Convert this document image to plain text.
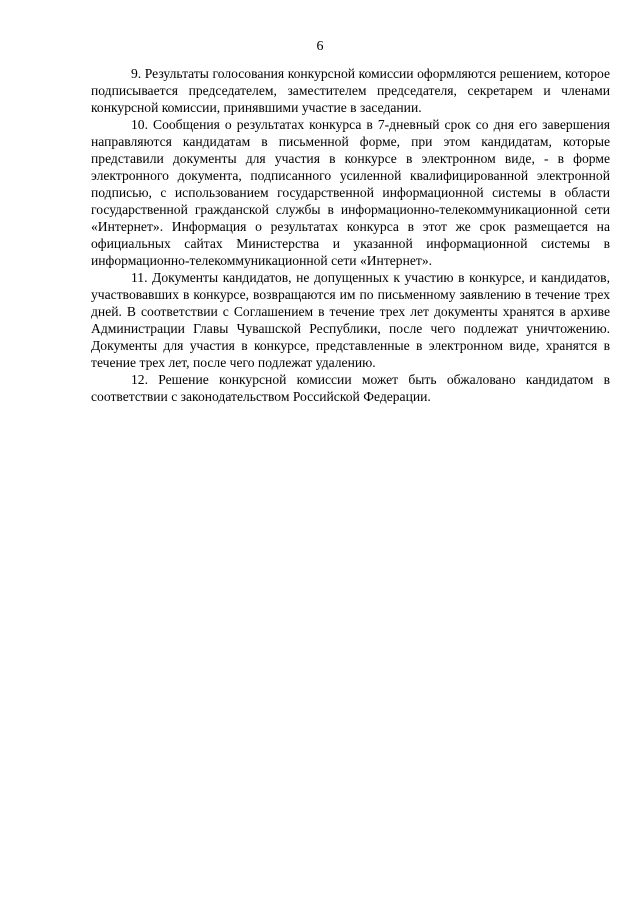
6

9. Результаты голосования конкурсной комиссии оформляются решением, которое подписывается председателем, заместителем председателя, секретарем и членами конкурсной комиссии, принявшими участие в заседании.

10. Сообщения о результатах конкурса в 7-дневный срок со дня его завершения направляются кандидатам в письменной форме, при этом кандидатам, которые представили документы для участия в конкурсе в электронном виде, - в форме электронного документа, подписанного усиленной квалифицированной электронной подписью, с использованием государственной информационной системы в области государственной гражданской службы в информационно-телекоммуникационной сети «Интернет». Информация о результатах конкурса в этот же срок размещается на официальных сайтах Министерства и указанной информационной системы в информационно-телекоммуникационной сети «Интернет».

11. Документы кандидатов, не допущенных к участию в конкурсе, и кандидатов, участвовавших в конкурсе, возвращаются им по письменному заявлению в течение трех дней. В соответствии с Соглашением в течение трех лет документы хранятся в архиве Администрации Главы Чувашской Республики, после чего подлежат уничтожению. Документы для участия в конкурсе, представленные в электронном виде, хранятся в течение трех лет, после чего подлежат удалению.

12. Решение конкурсной комиссии может быть обжаловано кандидатом в соответствии с законодательством Российской Федерации.
